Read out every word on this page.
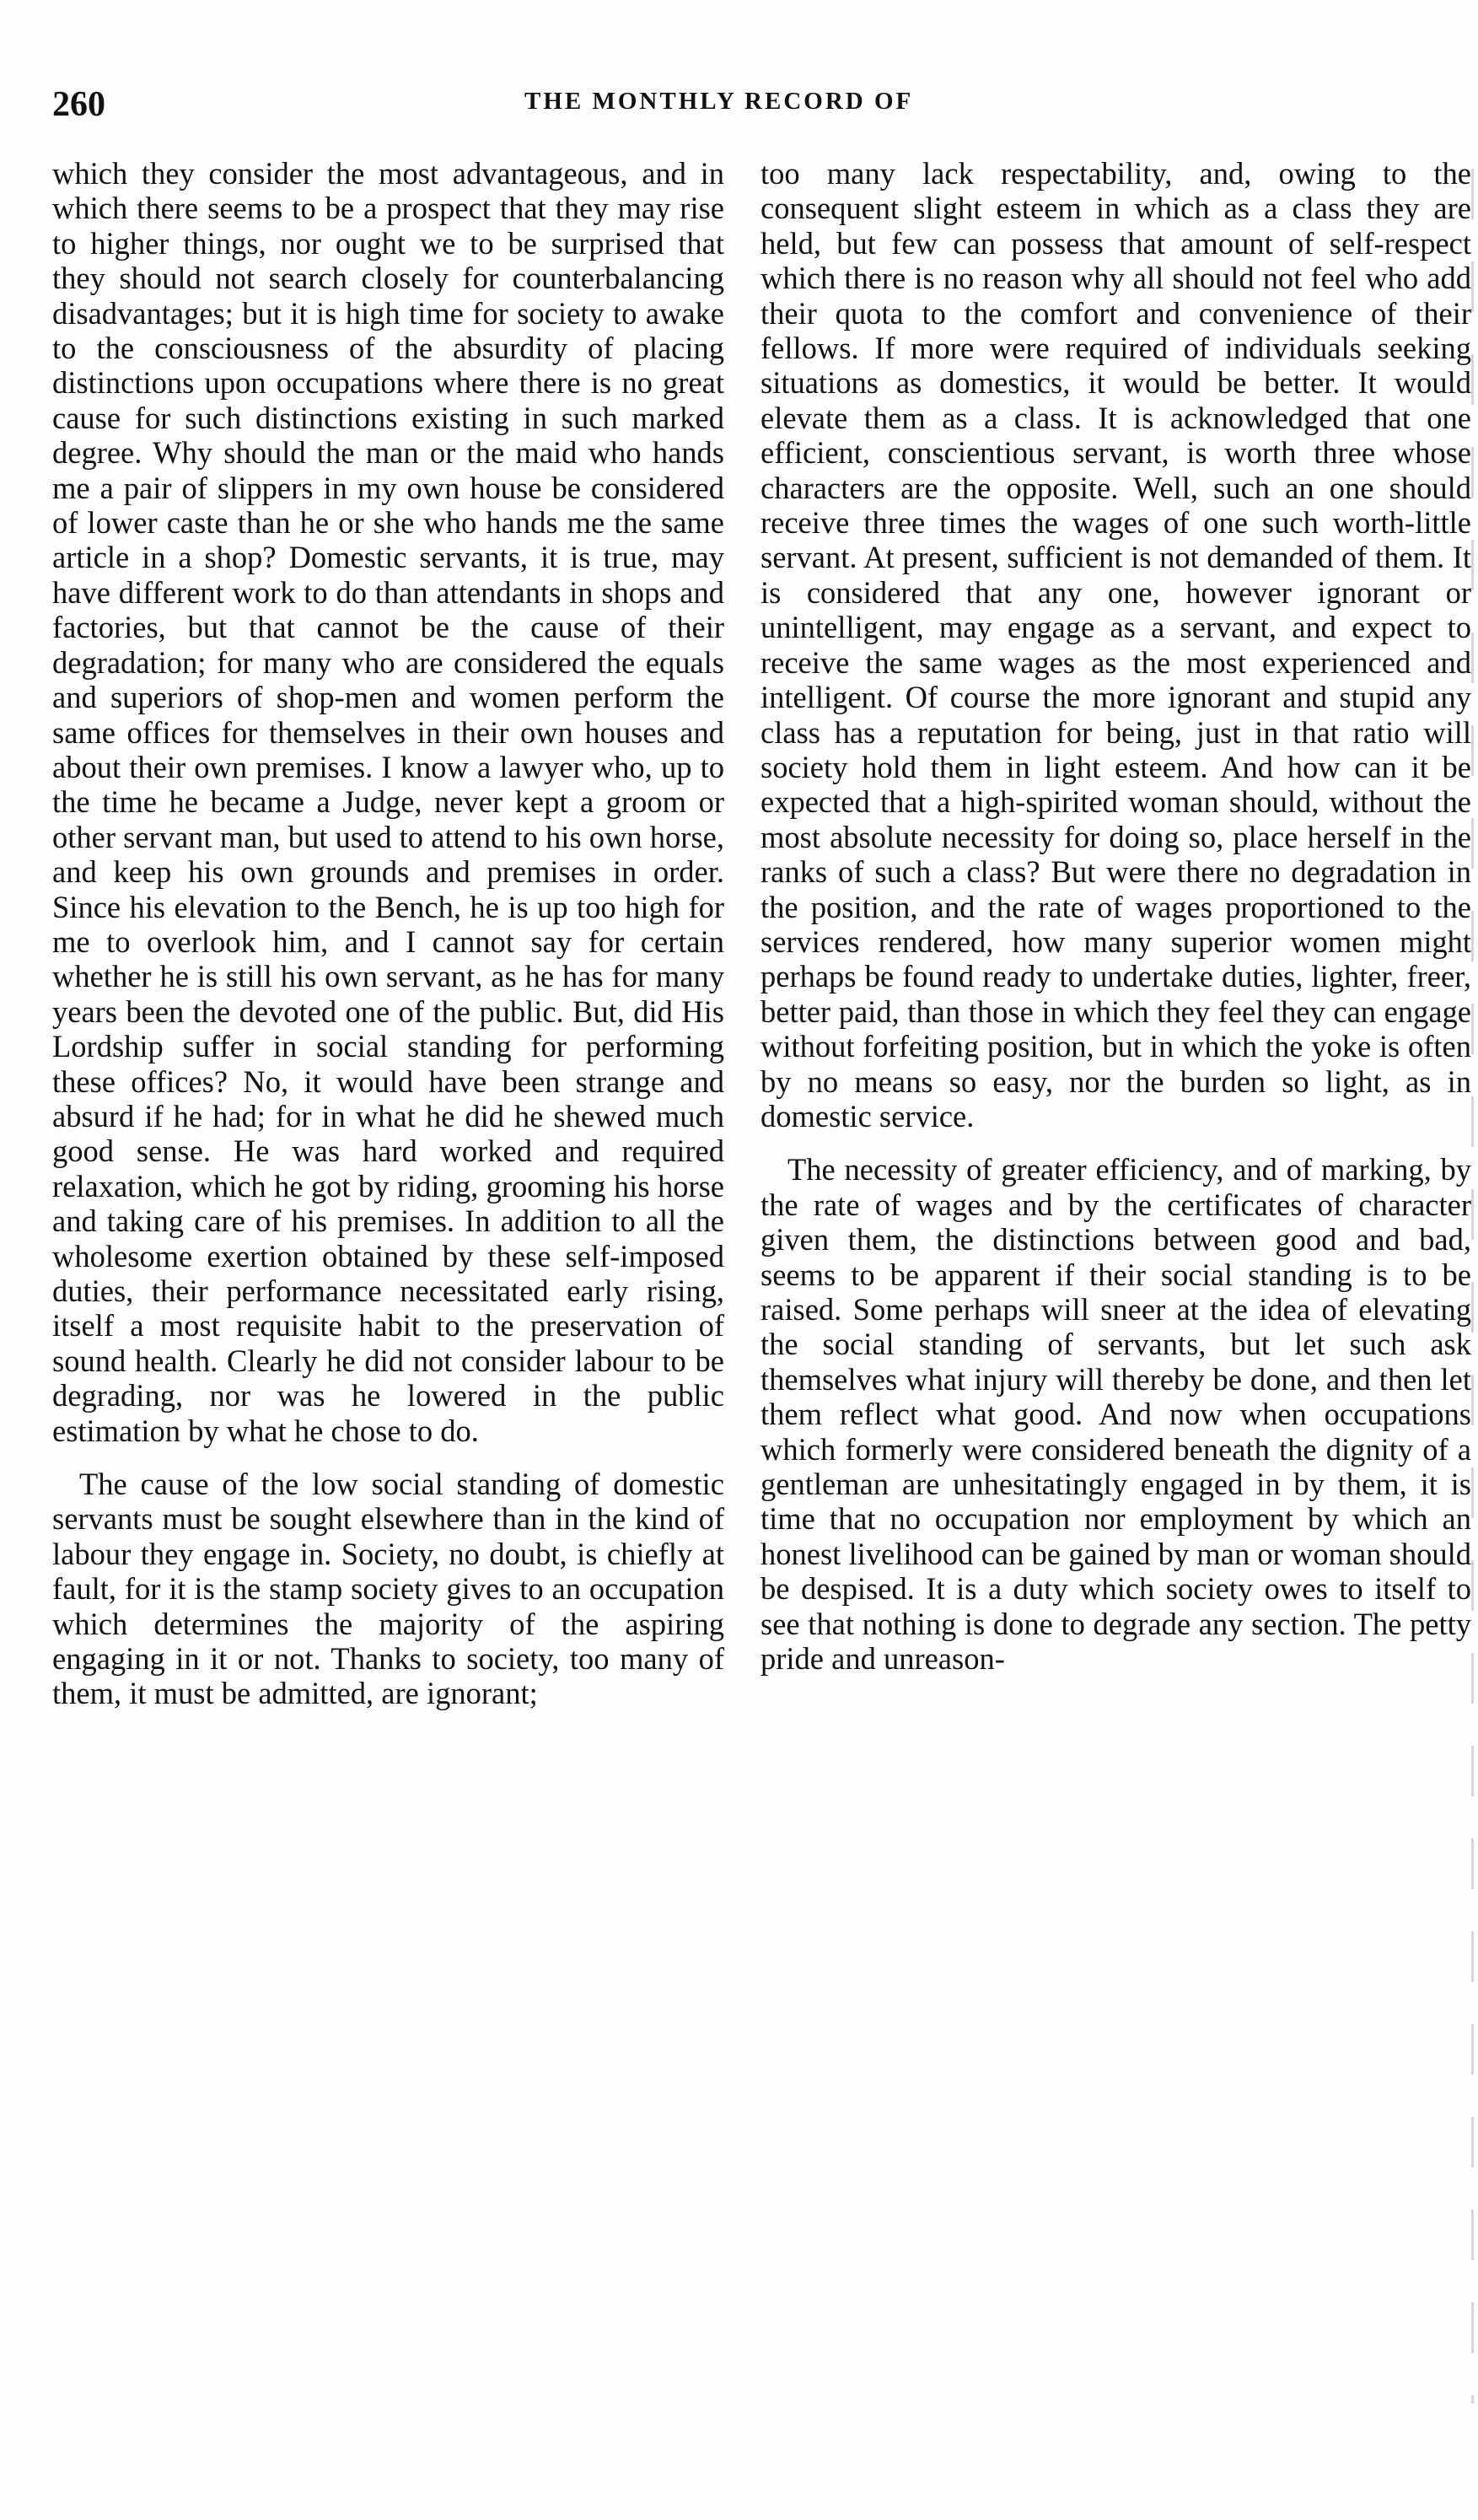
260	THE MONTHLY RECORD OF

which they consider the most advantageous, and in which there seems to be a prospect that they may rise to higher things, nor ought we to be surprised that they should not search closely for counterbalancing disadvantages; but it is high time for society to awake to the consciousness of the absurdity of placing distinctions upon occupations where there is no great cause for such distinctions existing in such marked degree. Why should the man or the maid who hands me a pair of slippers in my own house be considered of lower caste than he or she who hands me the same article in a shop? Domestic servants, it is true, may have different work to do than attendants in shops and factories, but that cannot be the cause of their degradation; for many who are considered the equals and superiors of shop-men and women perform the same offices for themselves in their own houses and about their own premises. I know a lawyer who, up to the time he became a Judge, never kept a groom or other servant man, but used to attend to his own horse, and keep his own grounds and premises in order. Since his elevation to the Bench, he is up too high for me to overlook him, and I cannot say for certain whether he is still his own servant, as he has for many years been the devoted one of the public. But, did His Lordship suffer in social standing for performing these offices? No, it would have been strange and absurd if he had; for in what he did he shewed much good sense. He was hard worked and required relaxation, which he got by riding, grooming his horse and taking care of his premises. In addition to all the wholesome exertion obtained by these self-imposed duties, their performance necessitated early rising, itself a most requisite habit to the preservation of sound health. Clearly he did not consider labour to be degrading, nor was he lowered in the public estimation by what he chose to do.

The cause of the low social standing of domestic servants must be sought elsewhere than in the kind of labour they engage in. Society, no doubt, is chiefly at fault, for it is the stamp society gives to an occupation which determines the majority of the aspiring engaging in it or not. Thanks to society, too many of them, it must be admitted, are ignorant;

too many lack respectability, and, owing to the consequent slight esteem in which as a class they are held, but few can possess that amount of self-respect which there is no reason why all should not feel who add their quota to the comfort and convenience of their fellows. If more were required of individuals seeking situations as domestics, it would be better. It would elevate them as a class. It is acknowledged that one efficient, conscientious servant, is worth three whose characters are the opposite. Well, such an one should receive three times the wages of one such worth-little servant. At present, sufficient is not demanded of them. It is considered that any one, however ignorant or unintelligent, may engage as a servant, and expect to receive the same wages as the most experienced and intelligent. Of course the more ignorant and stupid any class has a reputation for being, just in that ratio will society hold them in light esteem. And how can it be expected that a high-spirited woman should, without the most absolute necessity for doing so, place herself in the ranks of such a class? But were there no degradation in the position, and the rate of wages proportioned to the services rendered, how many superior women might perhaps be found ready to undertake duties, lighter, freer, better paid, than those in which they feel they can engage without forfeiting position, but in which the yoke is often by no means so easy, nor the burden so light, as in domestic service.

The necessity of greater efficiency, and of marking, by the rate of wages and by the certificates of character given them, the distinctions between good and bad, seems to be apparent if their social standing is to be raised. Some perhaps will sneer at the idea of elevating the social standing of servants, but let such ask themselves what injury will thereby be done, and then let them reflect what good. And now when occupations which formerly were considered beneath the dignity of a gentleman are unhesitatingly engaged in by them, it is time that no occupation nor employment by which an honest livelihood can be gained by man or woman should be despised. It is a duty which society owes to itself to see that nothing is done to degrade any section. The petty pride and unreason-
